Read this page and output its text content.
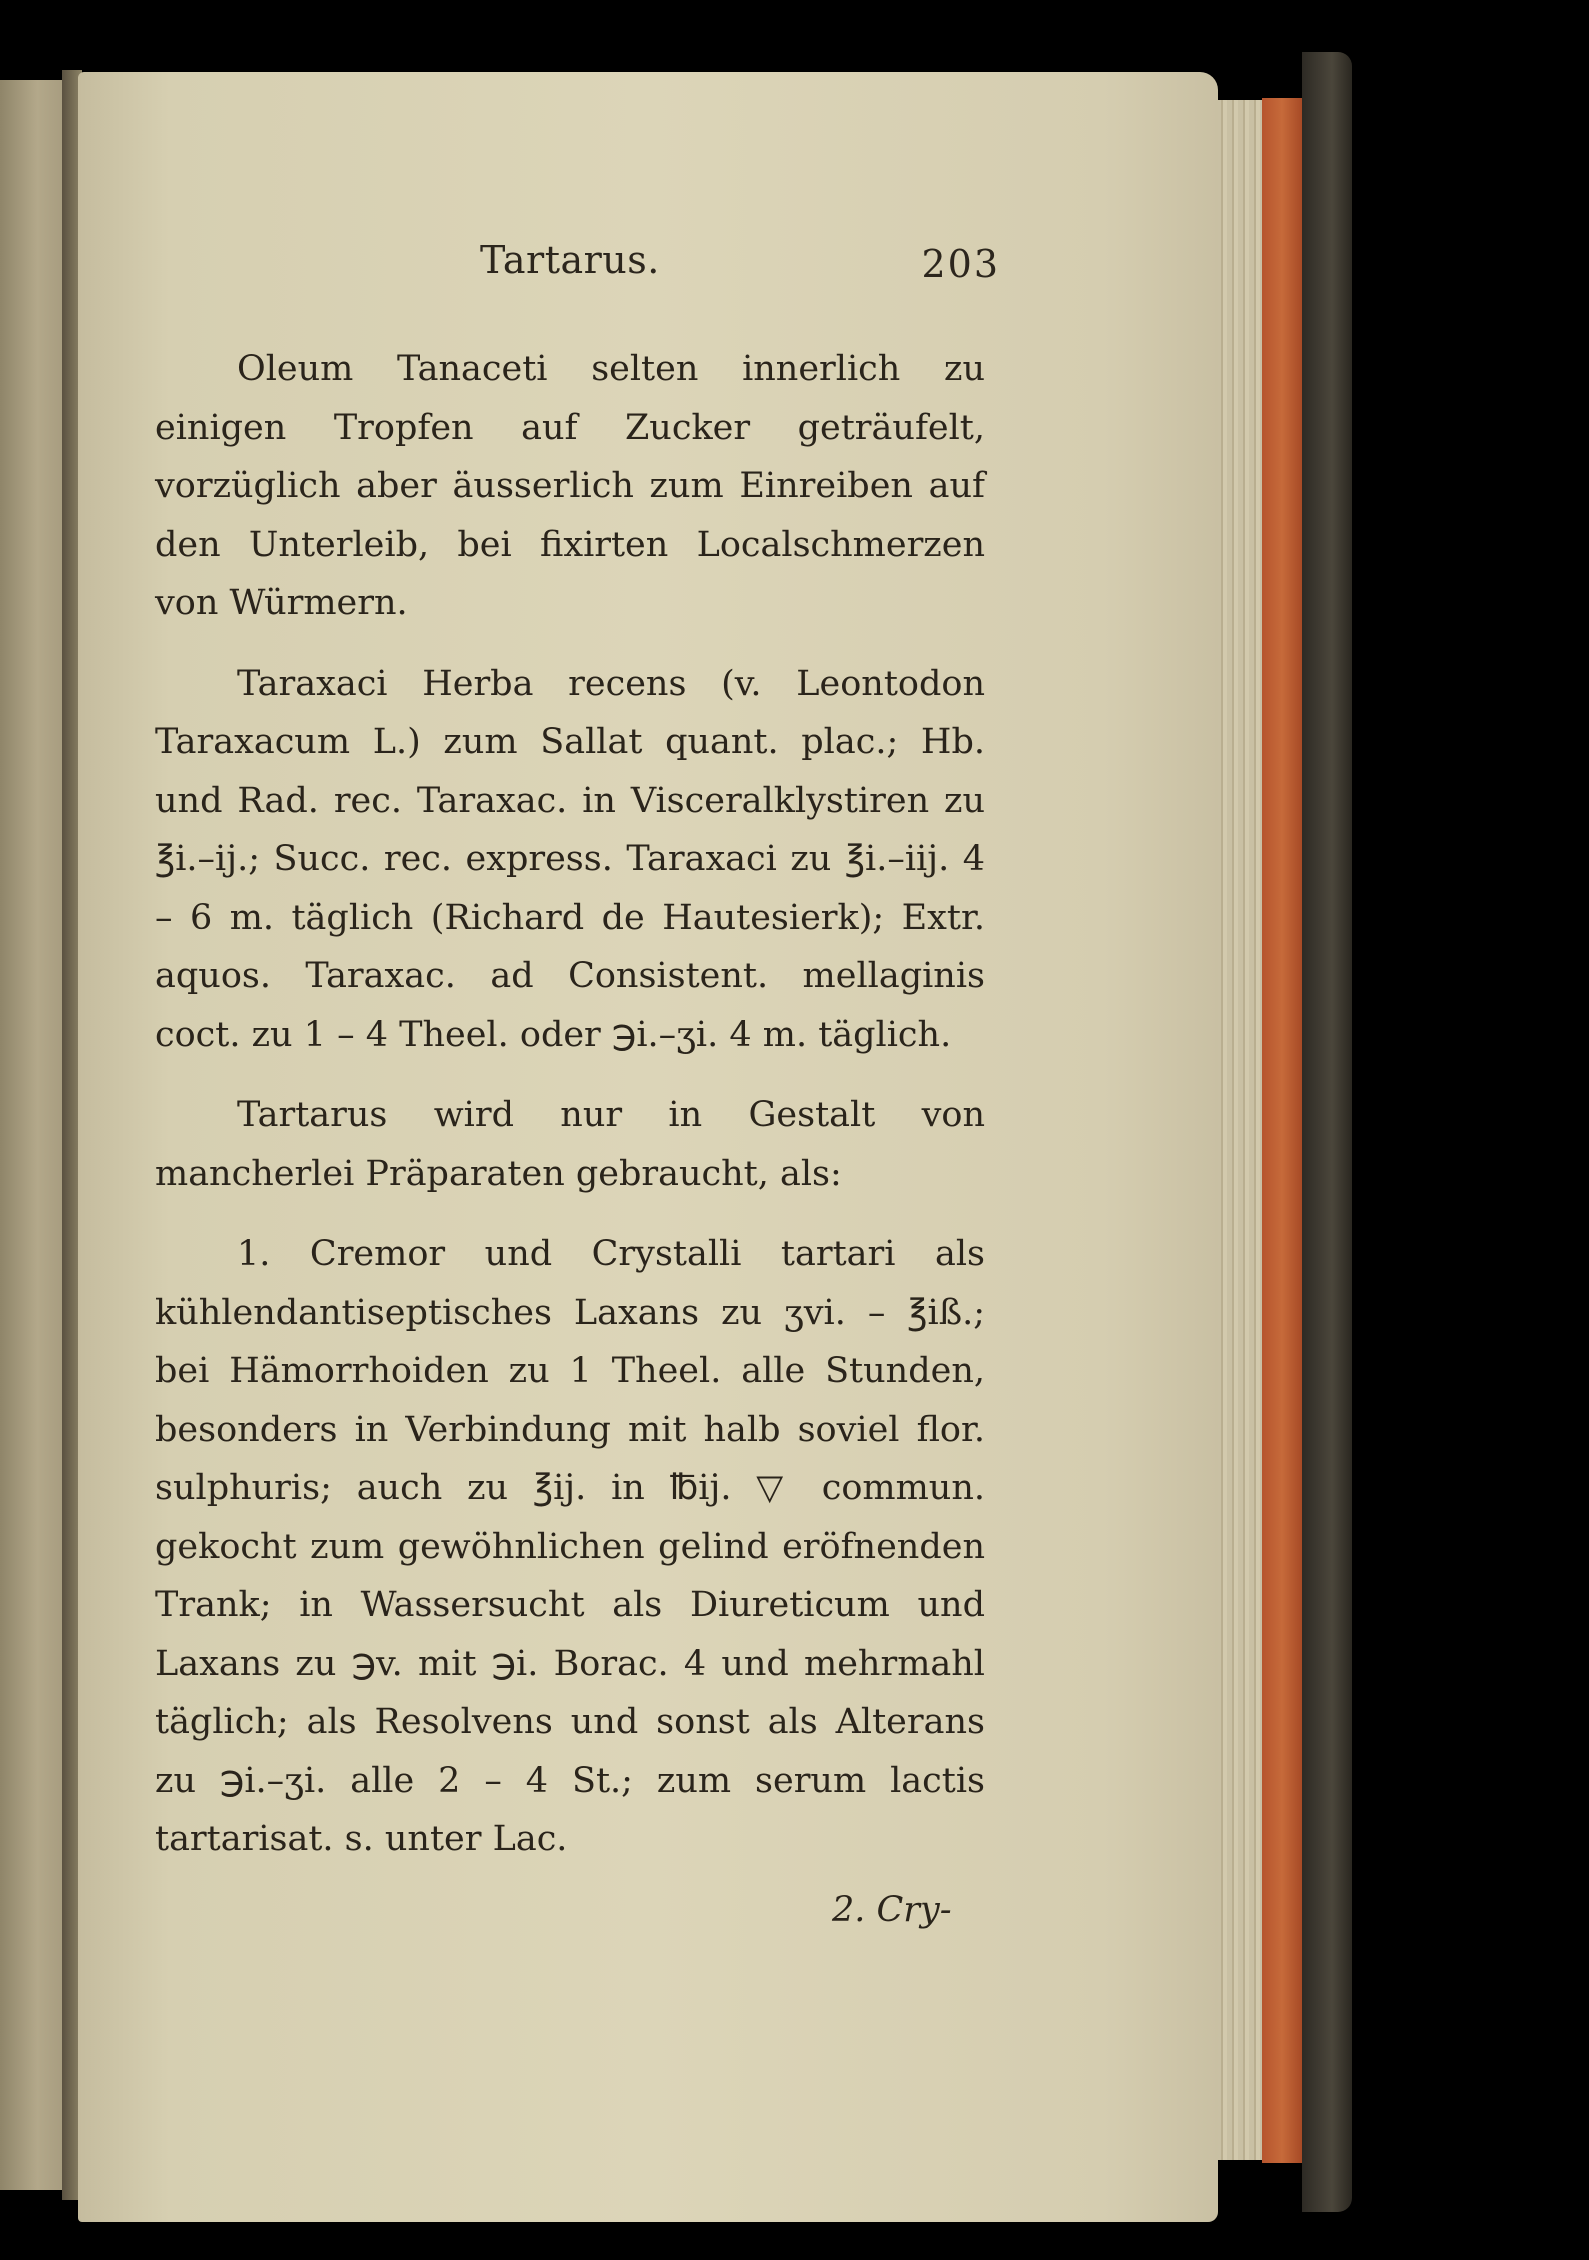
Tartarus.	203

Oleum Tanaceti selten innerlich zu einigen Tropfen auf Zucker geträufelt, vorzüglich aber äusserlich zum Einreiben auf den Unterleib, bei fixirten Localschmerzen von Würmern.

Taraxaci Herba recens (v. Leontodon Taraxacum L.) zum Sallat quant. plac.; Hb. und Rad. rec. Taraxac. in Visceralklystiren zu ℥i.–ij.; Succ. rec. express. Taraxaci zu ℥i.–iij. 4 – 6 m. täglich (Richard de Hautesierk); Extr. aquos. Taraxac. ad Consistent. mellaginis coct. zu 1 – 4 Theel. oder ℈i.–ʒi. 4 m. täglich.

Tartarus wird nur in Gestalt von mancherlei Präparaten gebraucht, als:

1. Cremor und Crystalli tartari als kühlendantiseptisches Laxans zu ʒvi. – ℥iß.; bei Hämorrhoiden zu 1 Theel. alle Stunden, besonders in Verbindung mit halb soviel flor. sulphuris; auch zu ℥ij. in ℔ij. ▽ commun. gekocht zum gewöhnlichen gelind eröfnenden Trank; in Wassersucht als Diureticum und Laxans zu ℈v. mit ℈i. Borac. 4 und mehrmahl täglich; als Resolvens und sonst als Alterans zu ℈i.–ʒi. alle 2 – 4 St.; zum serum lactis tartarisat. s. unter Lac.

2. Cry-
